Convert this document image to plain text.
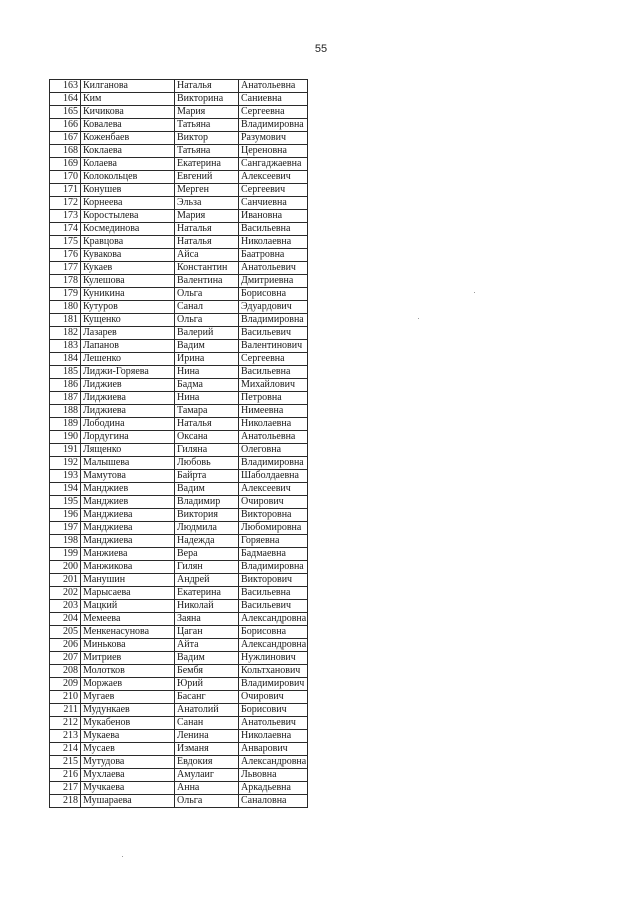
55
163	Килганова	Наталья	Анатольевна
164	Ким	Викторина	Саниевна
165	Кичикова	Мария	Сергеевна
166	Ковалева	Татьяна	Владимировна
167	Коженбаев	Виктор	Разумович
168	Коклаева	Татьяна	Цереновна
169	Колаева	Екатерина	Сангаджаевна
170	Колокольцев	Евгений	Алексеевич
171	Конушев	Мерген	Сергеевич
172	Корнеева	Эльза	Санчиевна
173	Коростылева	Мария	Ивановна
174	Космединова	Наталья	Васильевна
175	Кравцова	Наталья	Николаевна
176	Кувакова	Айса	Баатровна
177	Кукаев	Константин	Анатольевич
178	Кулешова	Валентина	Дмитриевна
179	Куникина	Ольга	Борисовна
180	Кутуров	Санал	Эдуардович
181	Кущенко	Ольга	Владимировна
182	Лазарев	Валерий	Васильевич
183	Лапанов	Вадим	Валентинович
184	Лешенко	Ирина	Сергеевна
185	Лиджи-Горяева	Нина	Васильевна
186	Лиджиев	Бадма	Михайлович
187	Лиджиева	Нина	Петровна
188	Лиджиева	Тамара	Нимеевна
189	Лободина	Наталья	Николаевна
190	Лордугина	Оксана	Анатольевна
191	Лященко	Гиляна	Олеговна
192	Малышева	Любовь	Владимировна
193	Мамутова	Байрта	Шаболдаевна
194	Манджиев	Вадим	Алексеевич
195	Манджиев	Владимир	Очирович
196	Манджиева	Виктория	Викторовна
197	Манджиева	Людмила	Любомировна
198	Манджиева	Надежда	Горяевна
199	Манжиева	Вера	Бадмаевна
200	Манжикова	Гилян	Владимировна
201	Манушин	Андрей	Викторович
202	Марысаева	Екатерина	Васильевна
203	Мацкий	Николай	Васильевич
204	Мемеева	Заяна	Александровна
205	Менкенасунова	Цаган	Борисовна
206	Минькова	Айта	Александровна
207	Митриев	Вадим	Нужлинович
208	Молотков	Бембя	Кольтханович
209	Моржаев	Юрий	Владимирович
210	Мугаев	Басанг	Очирович
211	Мудункаев	Анатолий	Борисович
212	Мукабенов	Санан	Анатольевич
213	Мукаева	Ленина	Николаевна
214	Мусаев	Изманя	Анварович
215	Мутудова	Евдокия	Александровна
216	Мухлаева	Амулаиг	Львовна
217	Мучкаева	Анна	Аркадьевна
218	Мушараева	Ольга	Саналовна
